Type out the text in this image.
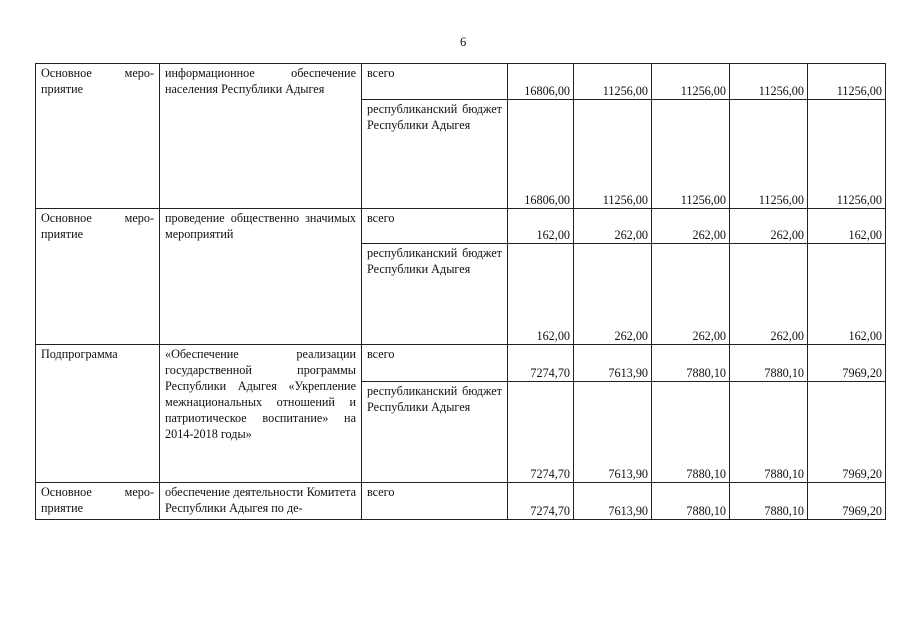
6
Основное меро-
приятие	информационное обеспечение населения Республики Адыгея	всего	16806,00	11256,00	11256,00	11256,00	11256,00
		республиканский бюджет Республики Адыгея	16806,00	11256,00	11256,00	11256,00	11256,00

Основное меро-
приятие	проведение общественно значимых мероприятий	всего	162,00	262,00	262,00	262,00	162,00
		республиканский бюджет Республики Адыгея	162,00	262,00	262,00	262,00	162,00

Подпрограмма	«Обеспечение реализации государственной программы Республики Адыгея «Укрепление межнациональных отношений и патриотическое воспитание» на 2014-2018 годы»	всего	7274,70	7613,90	7880,10	7880,10	7969,20
		республиканский бюджет Республики Адыгея	7274,70	7613,90	7880,10	7880,10	7969,20

Основное меро-
приятие	обеспечение деятельности Комитета Республики Адыгея по де-	всего	7274,70	7613,90	7880,10	7880,10	7969,20
